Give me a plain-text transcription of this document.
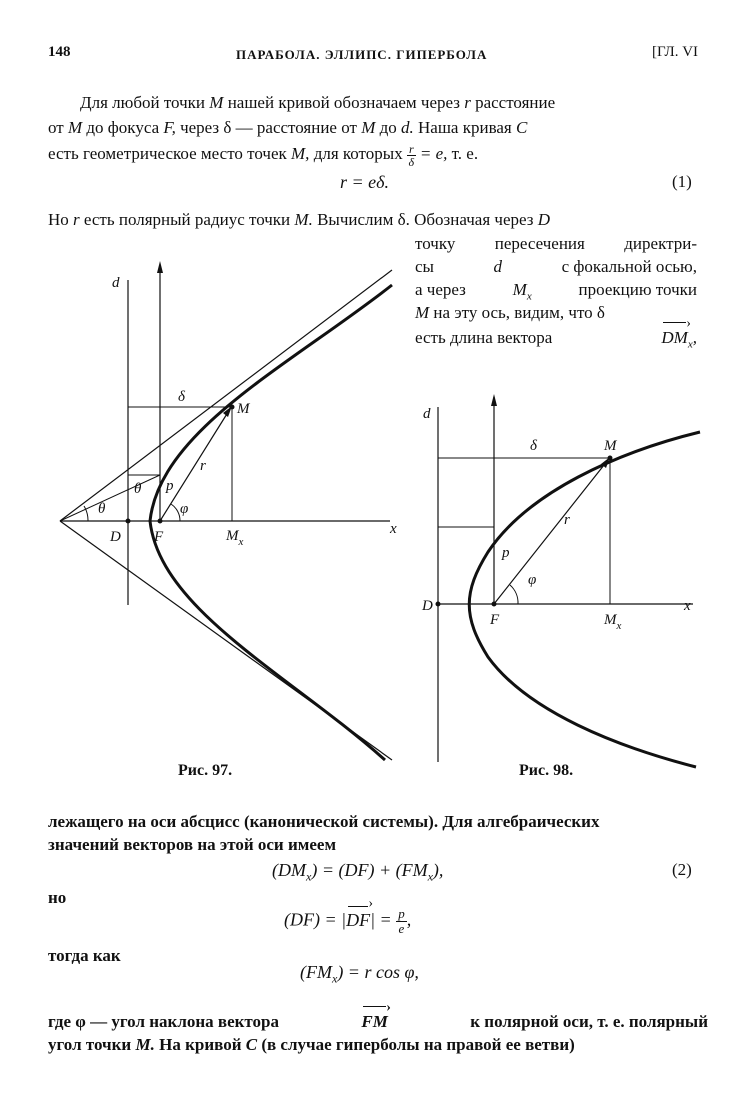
148	ПАРАБОЛА. ЭЛЛИПС. ГИПЕРБОЛА	[ГЛ. VI
Для любой точки M нашей кривой обозначаем через r расстояние
от M до фокуса F, через δ — расстояние от M до d. Наша кривая C
есть геометрическое место точек M, для которых $\frac{r}{\delta} = e$, т. е.
r = eδ.	(1)
Но r есть полярный радиус точки M. Вычислим δ. Обозначая через D
точку пересечения директри-
сы	d	с фокальной осью,
а через	$M_x$	проекцию точки
M на эту ось, видим, что δ
есть длина вектора	DM $›_x$,
d
δ
M
r
θ
θ p
φ
D F	$M_x$
x
Рис. 97.
d
δ	M
r
p
φ
D
F	$M_x$
x
Рис. 98.
лежащего на оси абсцисс (канонической системы). Для алгебраических
значений векторов на этой оси имеем
$(DM_x) = (DF) + (FM_x)$,	(2)
но
(DF) = |DF ›| = $\frac{p}{e}$ ,
тогда как
$(FM_x) = r$ cos φ,
где φ — угол наклона вектора	FM ›	к полярной оси, т. е. полярный
угол точки M. На кривой C (в случае гиперболы на правой ее ветви)
